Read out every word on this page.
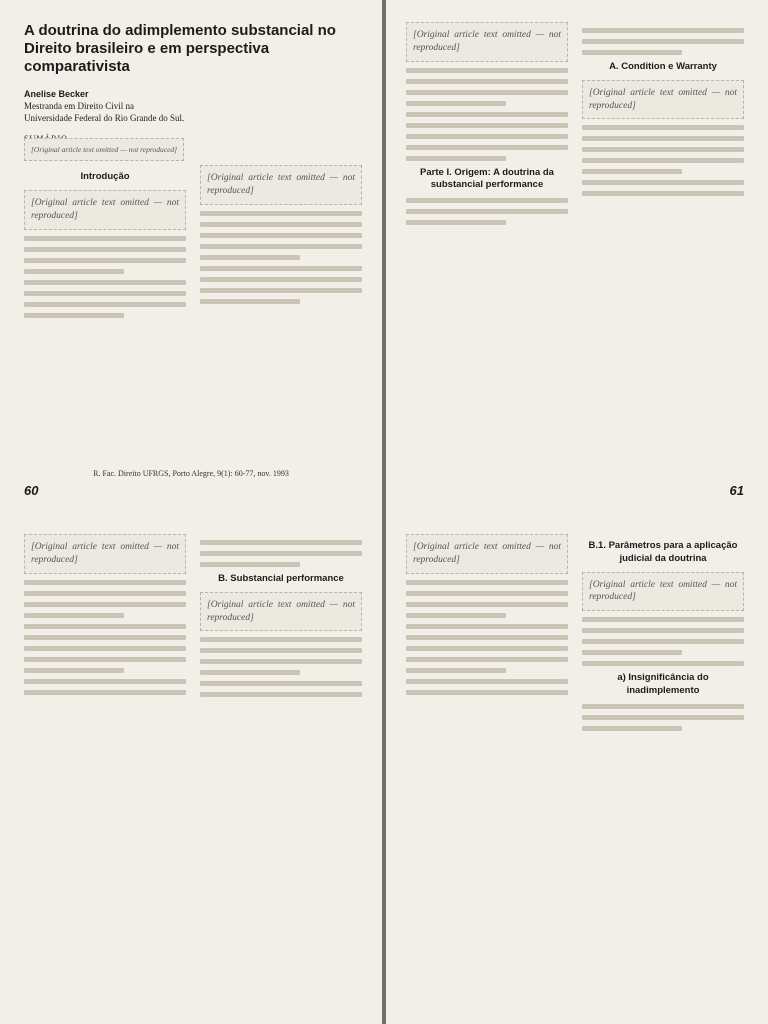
A doutrina do adimplemento substancial no Direito brasileiro e em perspectiva comparativista
Anelise Becker
Mestranda em Direito Civil na
Universidade Federal do Rio Grande do Sul.
[Original article text omitted — not reproduced]
Introdução
[Original article text omitted — not reproduced]
[Original article text omitted — not reproduced]
R. Fac. Direito UFRGS, Porto Alegre, 9(1): 60-77, nov. 1993
60
[Original article text omitted — not reproduced]
Parte I. Origem: A doutrina da substancial performance
A. Condition e Warranty
[Original article text omitted — not reproduced]
61
[Original article text omitted — not reproduced]
B. Substancial performance
[Original article text omitted — not reproduced]
[Original article text omitted — not reproduced]
B.1. Parâmetros para a aplicação judicial da doutrina
[Original article text omitted — not reproduced]
a) Insignificância do inadimplemento
